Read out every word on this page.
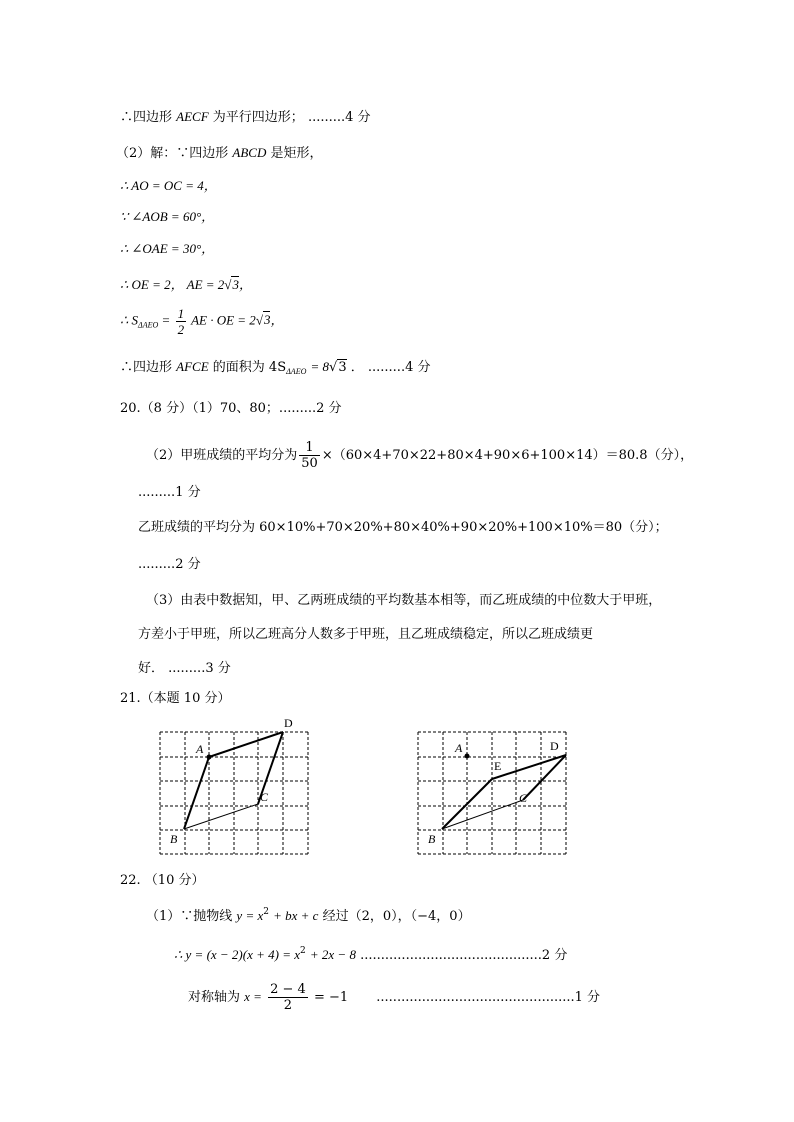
∴四边形 AECF 为平行四边形； .........4 分
（2）解：∵四边形 ABCD 是矩形，
∴ AO = OC = 4，
∵ ∠AOB = 60°，
∴ ∠OAE = 30°，
∴ OE = 2， AE = 2√3，
∴ $S_{\Delta AEO} = \frac{1}{2}$ AE · OE = 2√3，
∴四边形 AFCE 的面积为 $4S_{\Delta AEO} = 8√3$ ． .........4 分
20.（8 分）（1）70、80；.........2 分
（2）甲班成绩的平均分为 $\frac{1}{50} \times(60\times 4+70\times 22+80\times 4+90\times 6+100\times 14)=80.8$（分），
.........1 分
乙班成绩的平均分为 60×10%+70×20%+80×40%+90×20%+100×10%＝80（分）；
.........2 分
（3）由表中数据知，甲、乙两班成绩的平均数基本相等，而乙班成绩的中位数大于甲班，
方差小于甲班，所以乙班高分人数多于甲班，且乙班成绩稳定，所以乙班成绩更
好． .........3 分
21.（本题 10 分）
A
D
C
B
A
E
D
C
B
22. （10 分）
（1）∵抛物线 $y = x^2$ + bx + c 经过（2，0），（−4，0）
∴ $y = (x - 2)(x + 4) = x^2 + 2x - 8$ ............................................2 分
对称轴为 $x = \frac{2 - 4}{2} = -1$ ................................................1 分
